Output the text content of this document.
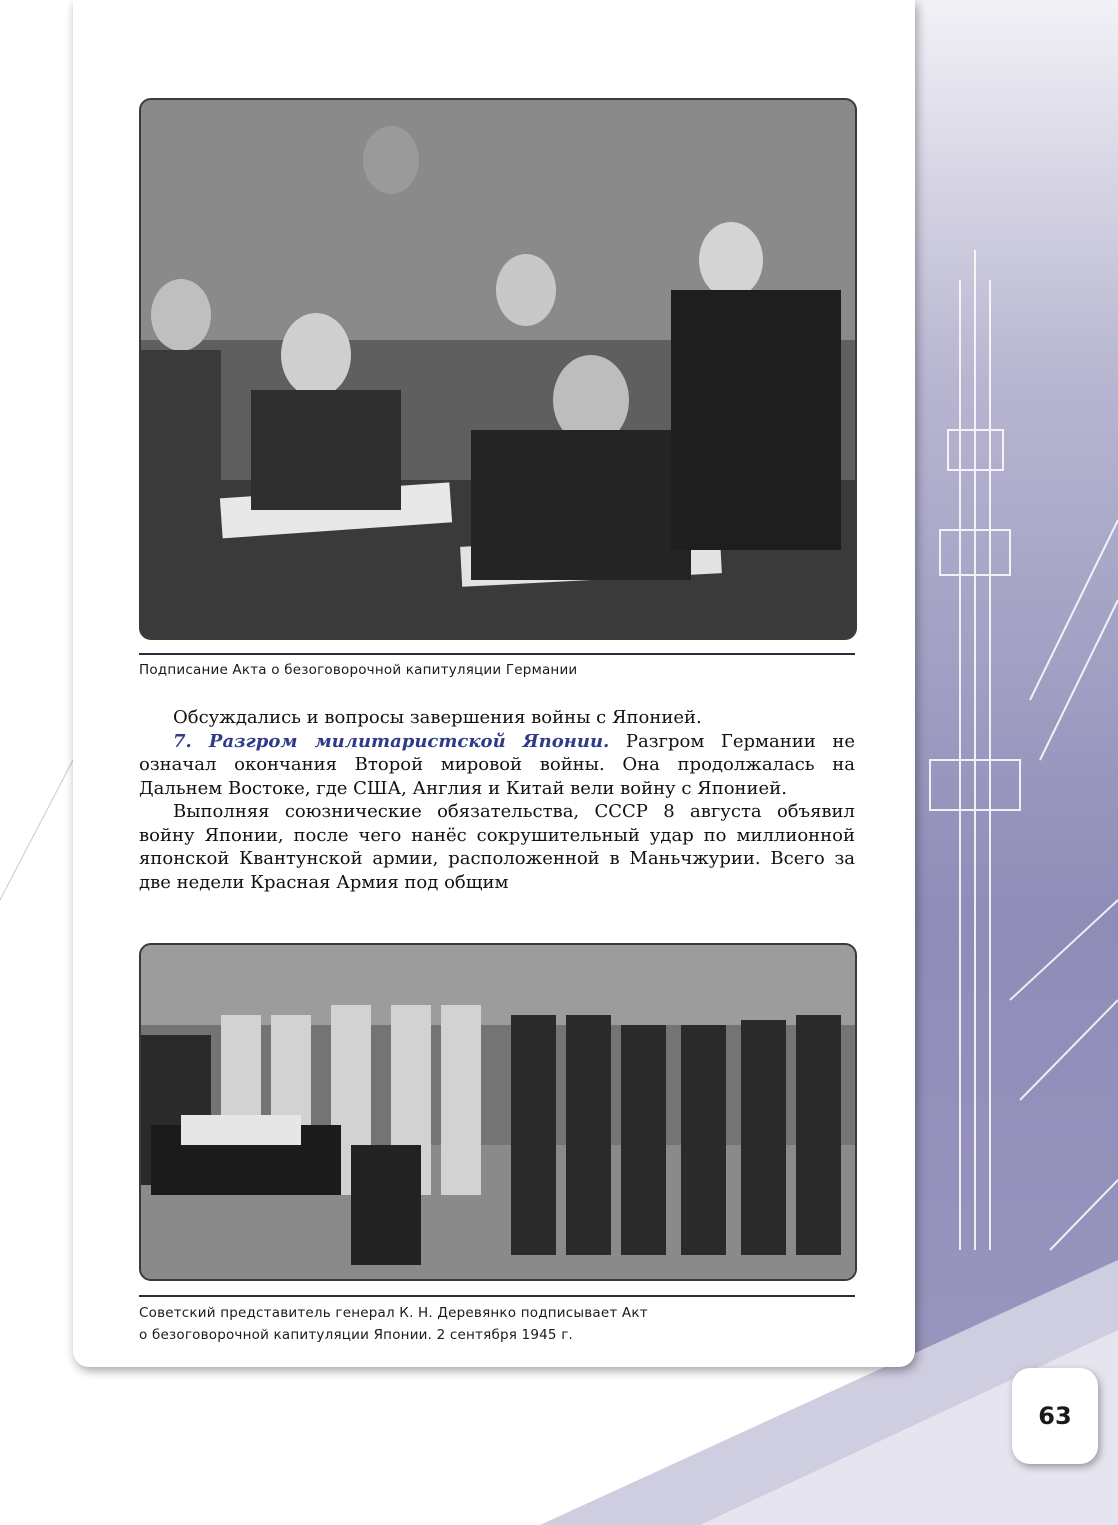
Подписание Акта о безоговорочной капитуляции Германии

Обсуждались и вопросы завершения войны с Японией.

7. Разгром милитаристской Японии. Разгром Германии не означал окончания Второй мировой войны. Она продолжалась на Дальнем Востоке, где США, Англия и Китай вели войну с Японией.

Выполняя союзнические обязательства, СССР 8 августа объявил войну Японии, после чего нанёс сокрушительный удар по миллионной японской Квантунской армии, расположенной в Маньчжурии. Всего за две недели Красная Армия под общим

Советский представитель генерал К. Н. Деревянко подписывает Акт
о безоговорочной капитуляции Японии. 2 сентября 1945 г.
63
